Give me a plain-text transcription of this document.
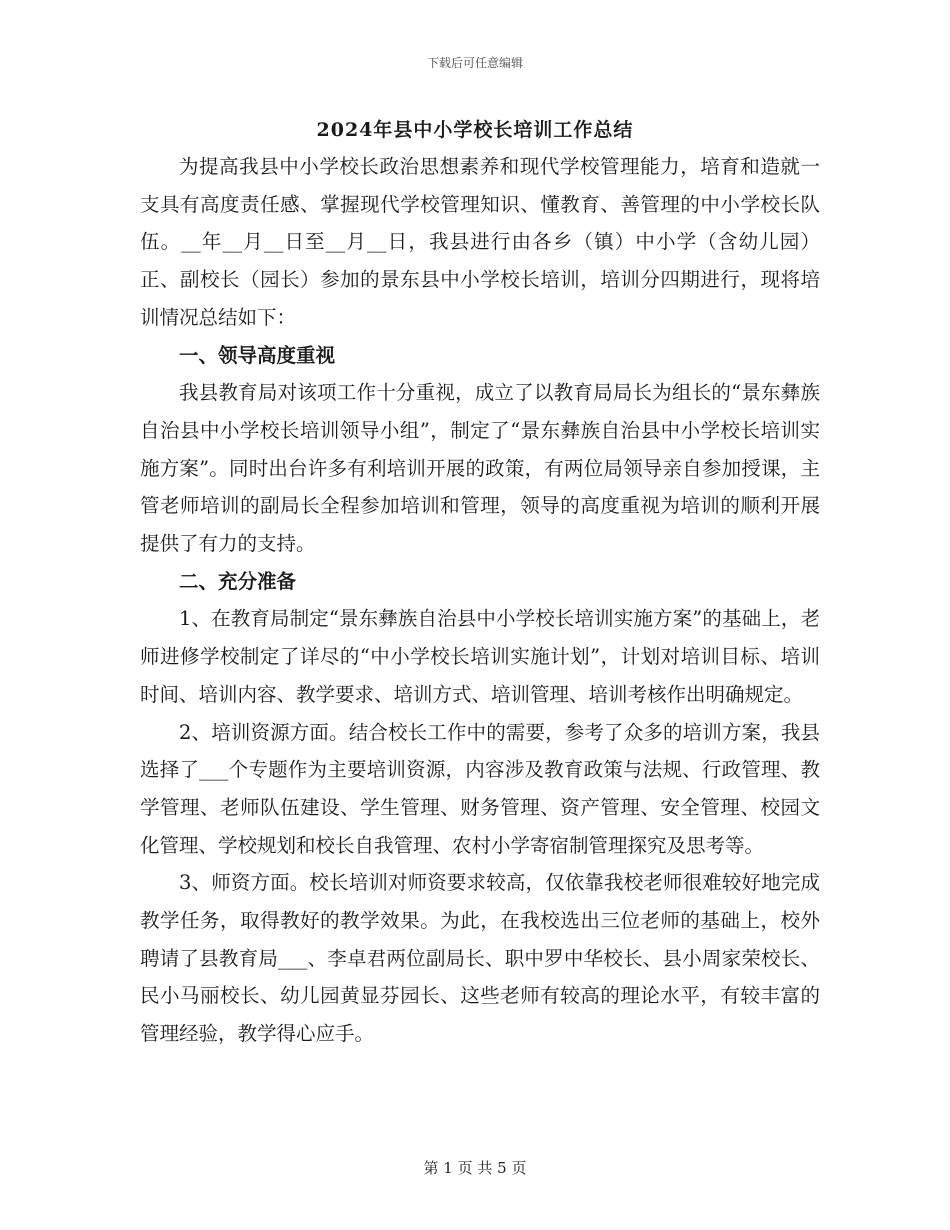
下载后可任意编辑
2024年县中小学校长培训工作总结

为提高我县中小学校长政治思想素养和现代学校管理能力，培育和造就一支具有高度责任感、掌握现代学校管理知识、懂教育、善管理的中小学校长队伍。__年__月__日至__月__日，我县进行由各乡（镇）中小学（含幼儿园）正、副校长（园长）参加的景东县中小学校长培训，培训分四期进行，现将培训情况总结如下：

一、领导高度重视

我县教育局对该项工作十分重视，成立了以教育局局长为组长的“景东彝族自治县中小学校长培训领导小组”，制定了“景东彝族自治县中小学校长培训实施方案”。同时出台许多有利培训开展的政策，有两位局领导亲自参加授课，主管老师培训的副局长全程参加培训和管理，领导的高度重视为培训的顺利开展提供了有力的支持。

二、充分准备

1、在教育局制定“景东彝族自治县中小学校长培训实施方案”的基础上，老师进修学校制定了详尽的“中小学校长培训实施计划”，计划对培训目标、培训时间、培训内容、教学要求、培训方式、培训管理、培训考核作出明确规定。

2、培训资源方面。结合校长工作中的需要，参考了众多的培训方案，我县选择了___个专题作为主要培训资源，内容涉及教育政策与法规、行政管理、教学管理、老师队伍建设、学生管理、财务管理、资产管理、安全管理、校园文化管理、学校规划和校长自我管理、农村小学寄宿制管理探究及思考等。

3、师资方面。校长培训对师资要求较高，仅依靠我校老师很难较好地完成教学任务，取得教好的教学效果。为此，在我校选出三位老师的基础上，校外聘请了县教育局___、李卓君两位副局长、职中罗中华校长、县小周家荣校长、民小马丽校长、幼儿园黄显芬园长、这些老师有较高的理论水平，有较丰富的管理经验，教学得心应手。

第 1 页 共 5 页
